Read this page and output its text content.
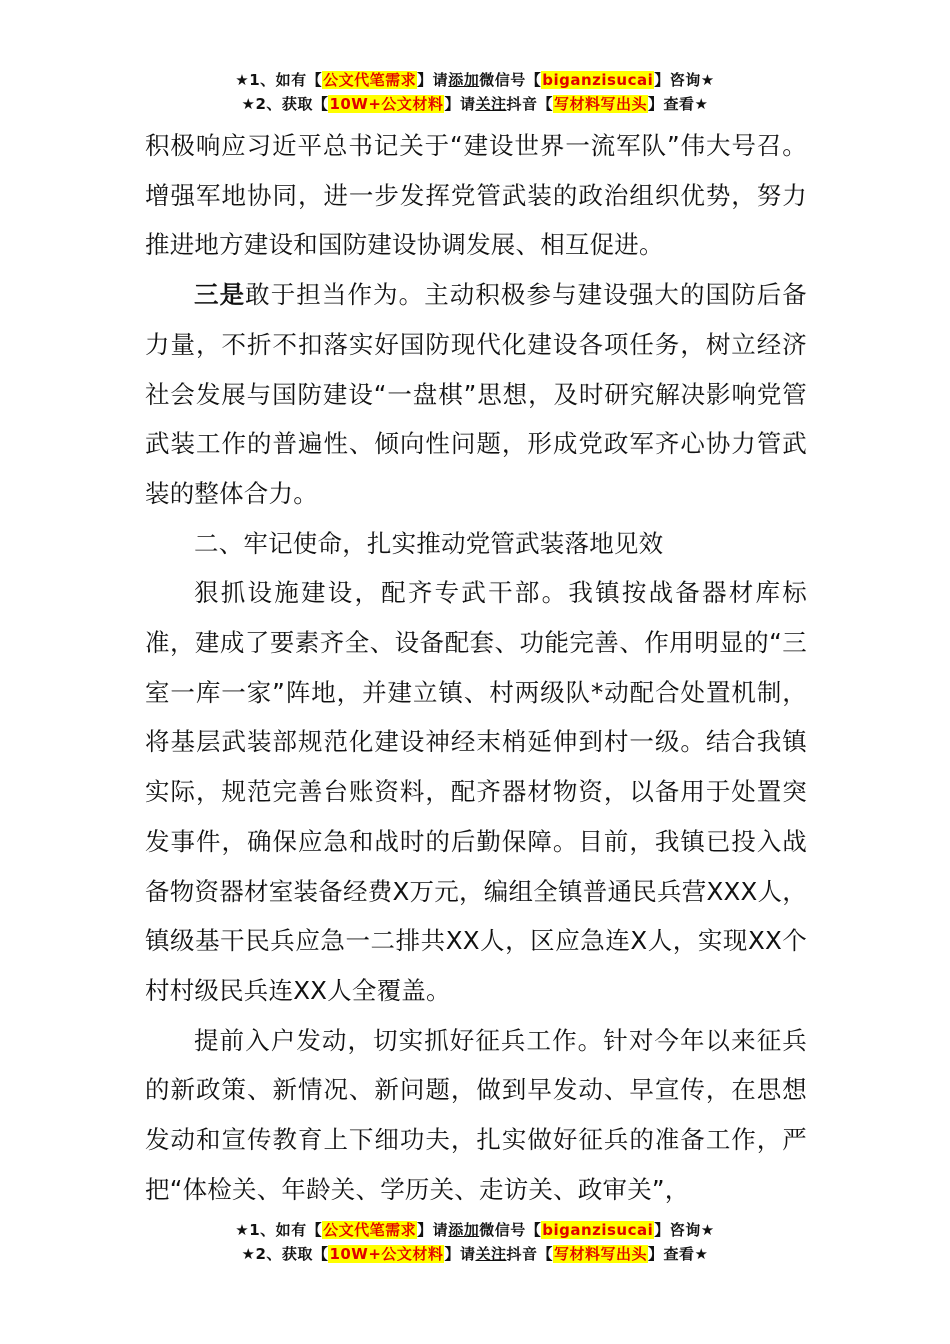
★1、如有【公文代笔需求】请添加微信号【biganzisucai】咨询★
★2、获取【10W+公文材料】请关注抖音【写材料写出头】查看★

积极响应习近平总书记关于“建设世界一流军队”伟大号召。增强军地协同，进一步发挥党管武装的政治组织优势，努力推进地方建设和国防建设协调发展、相互促进。

三是敢于担当作为。主动积极参与建设强大的国防后备力量，不折不扣落实好国防现代化建设各项任务，树立经济社会发展与国防建设“一盘棋”思想，及时研究解决影响党管武装工作的普遍性、倾向性问题，形成党政军齐心协力管武装的整体合力。

二、牢记使命，扎实推动党管武装落地见效

狠抓设施建设，配齐专武干部。我镇按战备器材库标准，建成了要素齐全、设备配套、功能完善、作用明显的“三室一库一家”阵地，并建立镇、村两级队*动配合处置机制，将基层武装部规范化建设神经末梢延伸到村一级。结合我镇实际，规范完善台账资料，配齐器材物资，以备用于处置突发事件，确保应急和战时的后勤保障。目前，我镇已投入战备物资器材室装备经费X万元，编组全镇普通民兵营XXX人，镇级基干民兵应急一二排共XX人，区应急连X人，实现XX个村村级民兵连XX人全覆盖。

提前入户发动，切实抓好征兵工作。针对今年以来征兵的新政策、新情况、新问题，做到早发动、早宣传，在思想发动和宣传教育上下细功夫，扎实做好征兵的准备工作，严把“体检关、年龄关、学历关、走访关、政审关”，

★1、如有【公文代笔需求】请添加微信号【biganzisucai】咨询★
★2、获取【10W+公文材料】请关注抖音【写材料写出头】查看★
